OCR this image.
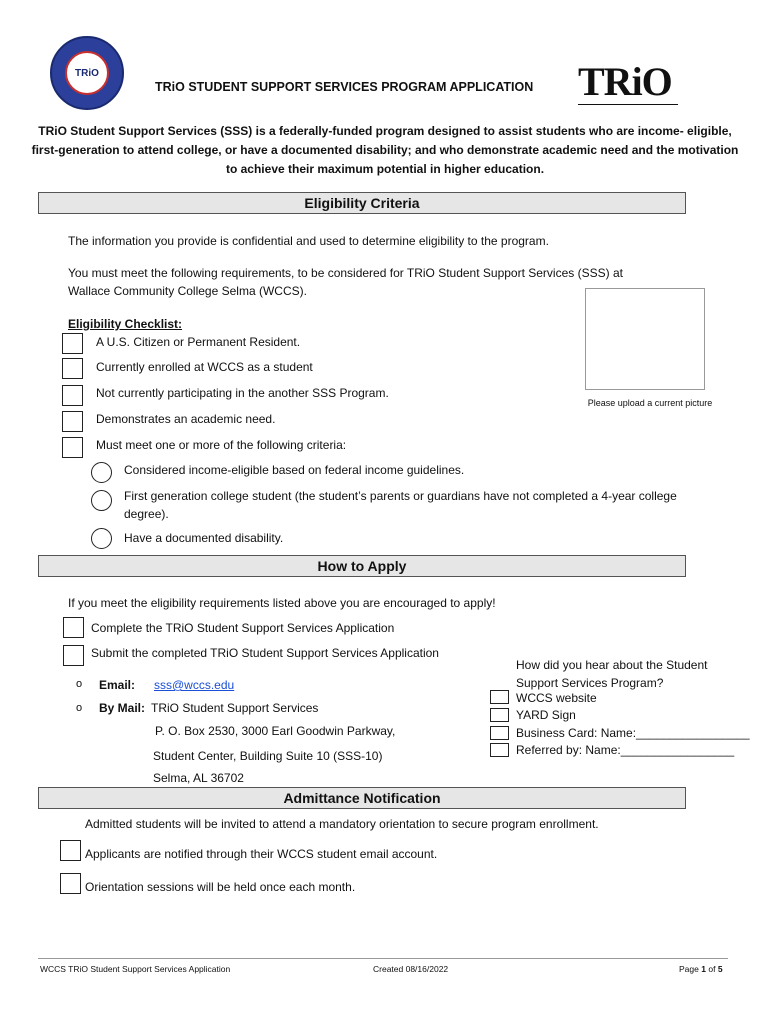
TRiO
TRiO STUDENT SUPPORT SERVICES PROGRAM APPLICATION TRiO
TRiO Student Support Services (SSS) is a federally-funded program designed to assist students who are income- eligible, first-generation to attend college, or have a documented disability; and who demonstrate academic need and the motivation to achieve their maximum potential in higher education.
Eligibility Criteria
The information you provide is confidential and used to determine eligibility to the program.
You must meet the following requirements, to be considered for TRiO Student Support Services (SSS) at Wallace Community College Selma (WCCS).
Please upload a current picture
Eligibility Checklist:
A U.S. Citizen or Permanent Resident.
Currently enrolled at WCCS as a student
Not currently participating in the another SSS Program.
Demonstrates an academic need.
Must meet one or more of the following criteria:
Considered income-eligible based on federal income guidelines.
First generation college student (the student’s parents or guardians have not completed a 4-year college degree).
Have a documented disability.
How to Apply
If you meet the eligibility requirements listed above you are encouraged to apply!
Complete the TRiO Student Support Services Application
Submit the completed TRiO Student Support Services Application
o Email: sss@wccs.edu
o By Mail: TRiO Student Support Services
P. O. Box 2530, 3000 Earl Goodwin Parkway,
Student Center, Building Suite 10 (SSS-10)
Selma, AL 36702
How did you hear about the Student Support Services Program?
WCCS website
YARD Sign
Business Card: Name:_________________
Referred by: Name:_________________
Admittance Notification
Admitted students will be invited to attend a mandatory orientation to secure program enrollment.
Applicants are notified through their WCCS student email account.
Orientation sessions will be held once each month.
WCCS TRiO Student Support Services Application	Created 08/16/2022	Page 1 of 5
